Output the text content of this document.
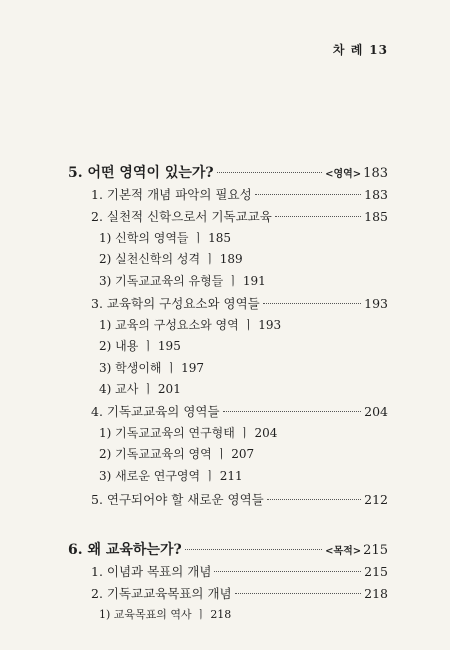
차 례 13
5. 어떤 영역이 있는가?	<영역> 183
1. 기본적 개념 파악의 필요성	183
2. 실천적 신학으로서 기독교교육	185
1) 신학의 영역들 ㅣ 185
2) 실천신학의 성격 ㅣ 189
3) 기독교교육의 유형들 ㅣ 191
3. 교육학의 구성요소와 영역들	193
1) 교육의 구성요소와 영역 ㅣ 193
2) 내용 ㅣ 195
3) 학생이해 ㅣ 197
4) 교사 ㅣ 201
4. 기독교교육의 영역들	204
1) 기독교교육의 연구형태 ㅣ 204
2) 기독교교육의 영역 ㅣ 207
3) 새로운 연구영역 ㅣ 211
5. 연구되어야 할 새로운 영역들	212
6. 왜 교육하는가?	<목적> 215
1. 이념과 목표의 개념	215
2. 기독교교육목표의 개념	218
1) 교육목표의 역사 ㅣ 218
